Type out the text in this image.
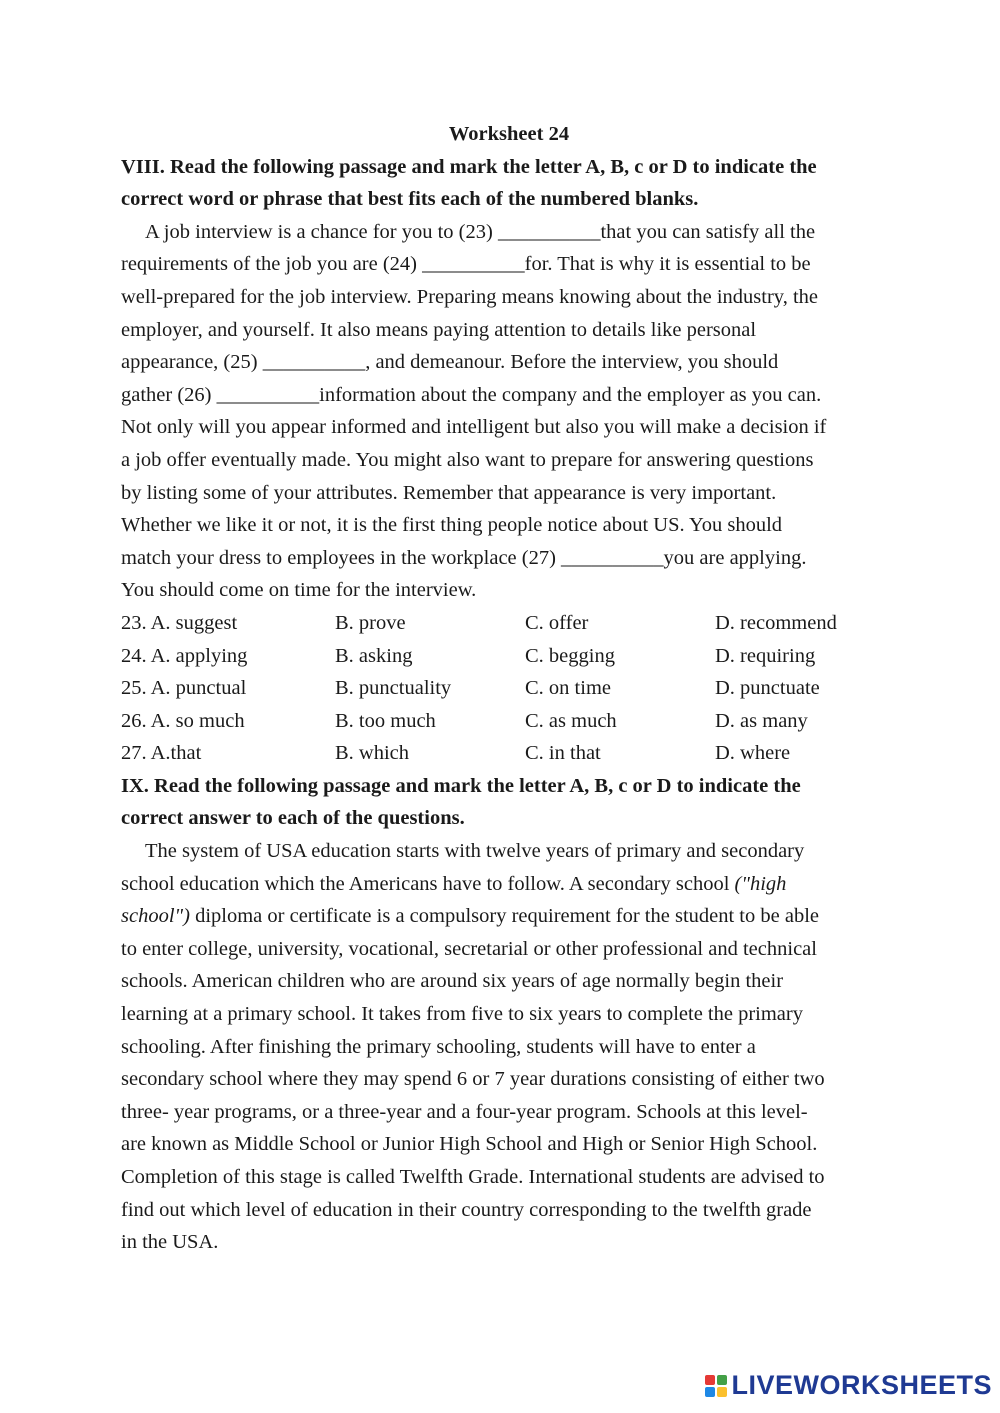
Worksheet 24

VIII. Read the following passage and mark the letter A, B, c or D to indicate the

correct word or phrase that best fits each of the numbered blanks.

A job interview is a chance for you to (23) __________that you can satisfy all the

requirements of the job you are (24) __________for. That is why it is essential to be

well-prepared for the job interview. Preparing means knowing about the industry, the

employer, and yourself. It also means paying attention to details like personal

appearance, (25) __________, and demeanour. Before the interview, you should

gather (26) __________information about the company and the employer as you can.

Not only will you appear informed and intelligent but also you will make a decision if

a job offer eventually made. You might also want to prepare for answering questions

by listing some of your attributes. Remember that appearance is very important.

Whether we like it or not, it is the first thing people notice about US. You should

match your dress to employees in the workplace (27) __________you are applying.

You should come on time for the interview.

23. A. suggest	B. prove	C. offer	D. recommend
24. A. applying	B. asking	C. begging	D. requiring
25. A. punctual	B. punctuality	C. on time	D. punctuate
26. A. so much	B. too much	C. as much	D. as many
27. A.that	B. which	C. in that	D. where

IX. Read the following passage and mark the letter A, B, c or D to indicate the

correct answer to each of the questions.

The system of USA education starts with twelve years of primary and secondary

school education which the Americans have to follow. A secondary school ("high

school") diploma or certificate is a compulsory requirement for the student to be able

to enter college, university, vocational, secretarial or other professional and technical

schools. American children who are around six years of age normally begin their

learning at a primary school. It takes from five to six years to complete the primary

schooling. After finishing the primary schooling, students will have to enter a

secondary school where they may spend 6 or 7 year durations consisting of either two

three- year programs, or a three-year and a four-year program. Schools at this level-

are known as Middle School or Junior High School and High or Senior High School.

Completion of this stage is called Twelfth Grade. International students are advised to

find out which level of education in their country corresponding to the twelfth grade

in the USA.

LIVEWORKSHEETS
